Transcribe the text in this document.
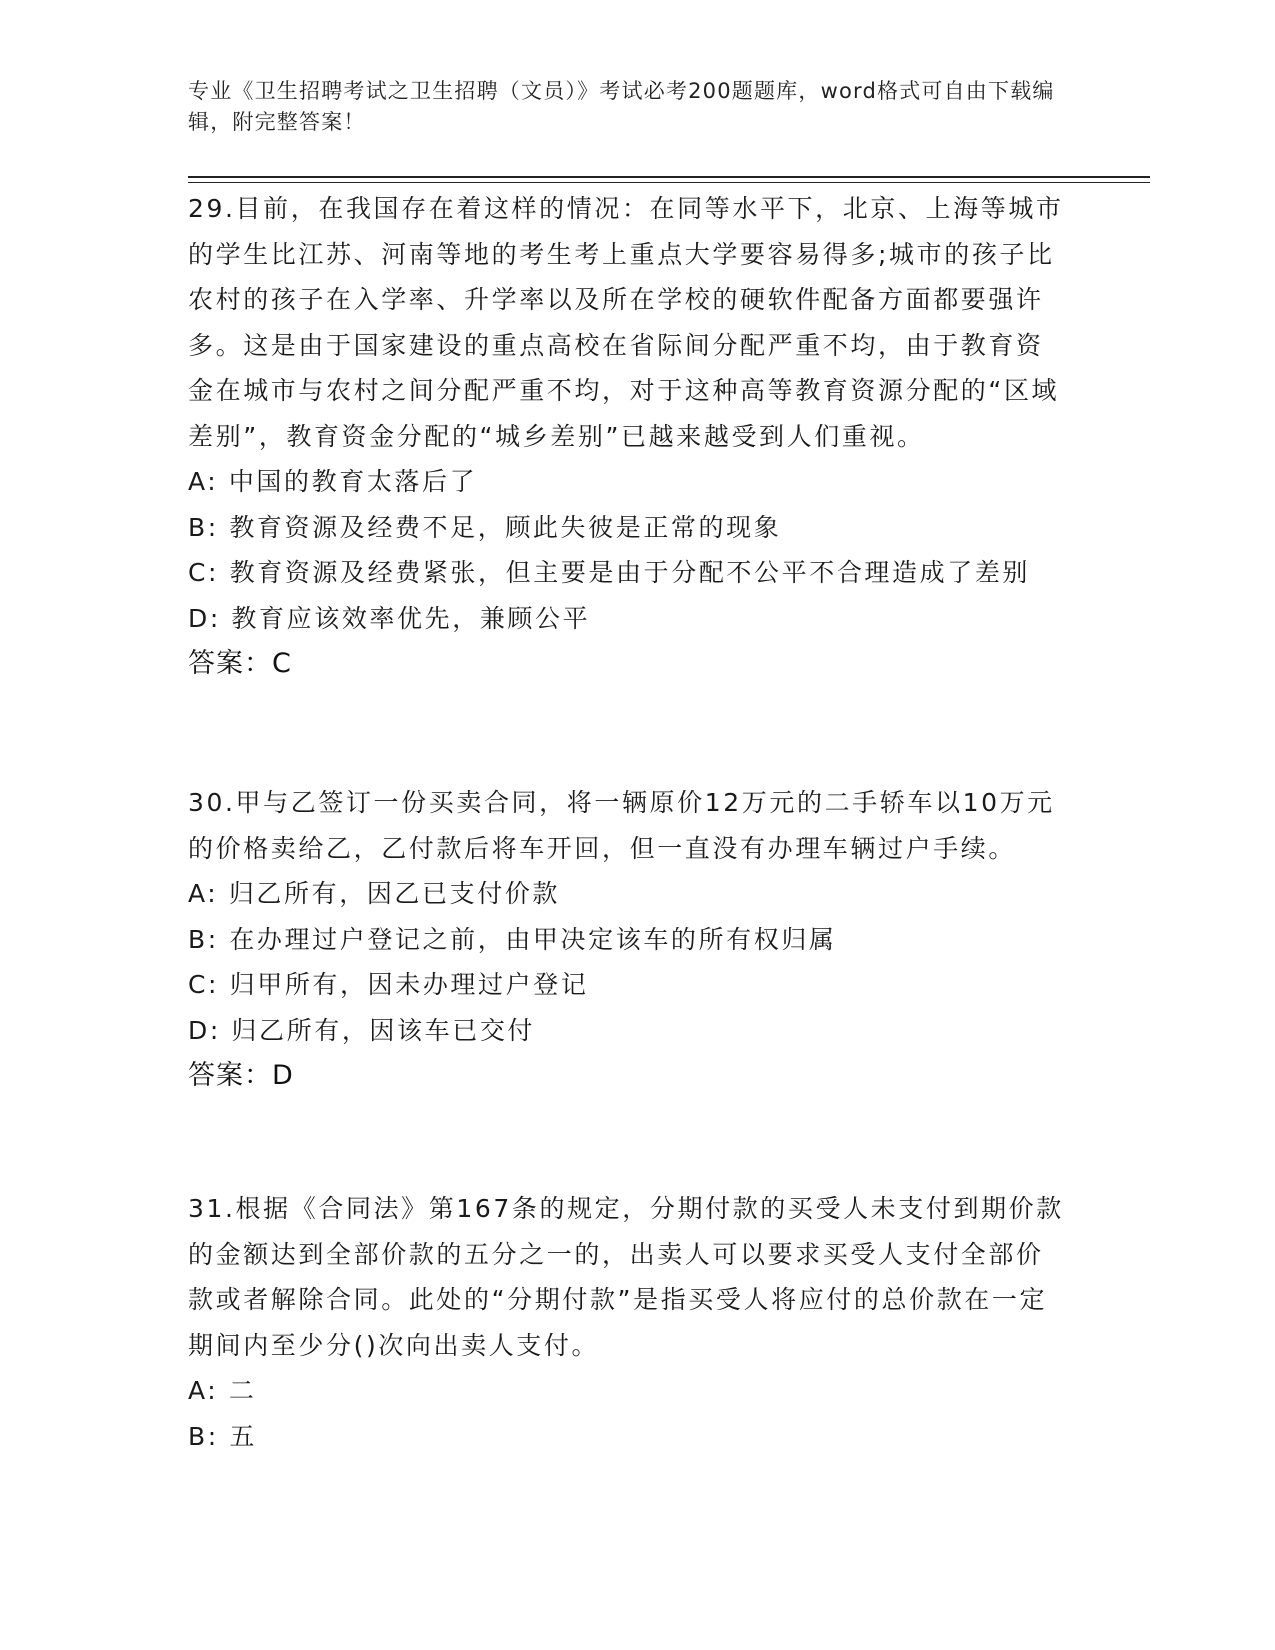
专业《卫生招聘考试之卫生招聘（文员）》考试必考200题题库，word格式可自由下载编辑，附完整答案！

29.目前，在我国存在着这样的情况：在同等水平下，北京、上海等城市的学生比江苏、河南等地的考生考上重点大学要容易得多;城市的孩子比农村的孩子在入学率、升学率以及所在学校的硬软件配备方面都要强许多。这是由于国家建设的重点高校在省际间分配严重不均，由于教育资金在城市与农村之间分配严重不均，对于这种高等教育资源分配的“区域差别”，教育资金分配的“城乡差别”已越来越受到人们重视。

A: 中国的教育太落后了
B: 教育资源及经费不足，顾此失彼是正常的现象
C: 教育资源及经费紧张，但主要是由于分配不公平不合理造成了差别
D: 教育应该效率优先，兼顾公平
答案：C

30.甲与乙签订一份买卖合同，将一辆原价12万元的二手轿车以10万元的价格卖给乙，乙付款后将车开回，但一直没有办理车辆过户手续。

A: 归乙所有，因乙已支付价款
B: 在办理过户登记之前，由甲决定该车的所有权归属
C: 归甲所有，因未办理过户登记
D: 归乙所有，因该车已交付
答案：D

31.根据《合同法》第167条的规定，分期付款的买受人未支付到期价款的金额达到全部价款的五分之一的，出卖人可以要求买受人支付全部价款或者解除合同。此处的“分期付款”是指买受人将应付的总价款在一定期间内至少分()次向出卖人支付。

A: 二
B: 五
